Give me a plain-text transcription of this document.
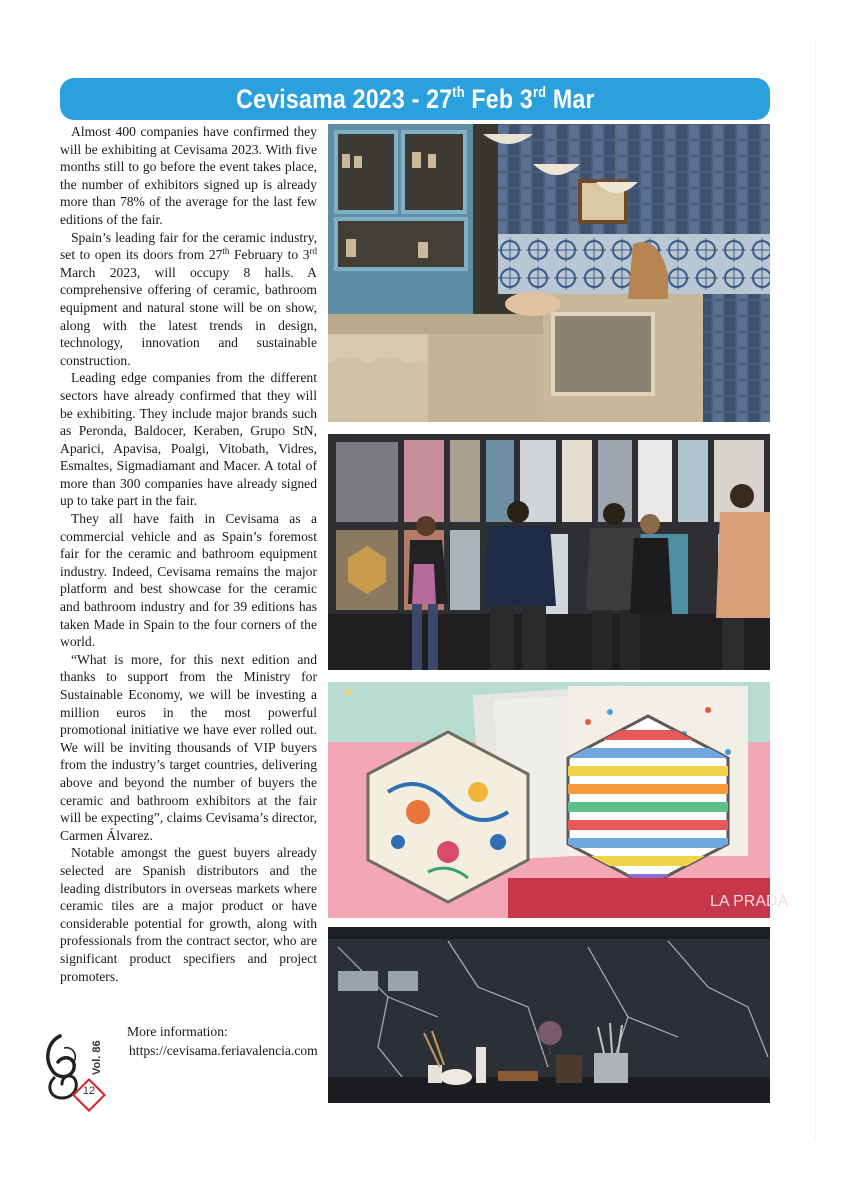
Cevisama 2023 - 27th Feb 3rd Mar

Almost 400 companies have confirmed they will be exhibiting at Cevisama 2023. With five months still to go before the event takes place, the number of exhibitors signed up is already more than 78% of the average for the last few editions of the fair.

Spain’s leading fair for the ceramic industry, set to open its doors from 27th February to 3rd March 2023, will occupy 8 halls. A comprehensive offering of ceramic, bathroom equipment and natural stone will be on show, along with the latest trends in design, technology, innovation and sustainable construction.

Leading edge companies from the different sectors have already confirmed that they will be exhibiting. They include major brands such as Peronda, Baldocer, Keraben, Grupo StN, Aparici, Apavisa, Poalgi, Vitobath, Vidres, Esmaltes, Sigmadiamant and Macer. A total of more than 300 companies have already signed up to take part in the fair.

They all have faith in Cevisama as a commercial vehicle and as Spain’s foremost fair for the ceramic and bathroom equipment industry. Indeed, Cevisama remains the major platform and best showcase for the ceramic and bathroom industry and for 39 editions has taken Made in Spain to the four corners of the world.

“What is more, for this next edition and thanks to support from the Ministry for Sustainable Economy, we will be investing a million euros in the most powerful promotional initiative we have ever rolled out. We will be inviting thousands of VIP buyers from the industry’s target countries, delivering above and beyond the number of buyers the ceramic and bathroom exhibitors at the fair will be expecting”, claims Cevisama’s director, Carmen Álvarez.

Notable amongst the guest buyers already selected are Spanish distributors and the leading distributors in overseas markets where ceramic tiles are a major product or have considerable potential for growth, along with professionals from the contract sector, who are significant product specifiers and project promoters.

More information:
https://cevisama.feriavalencia.com
Vol. 86
12
LA PRADA
